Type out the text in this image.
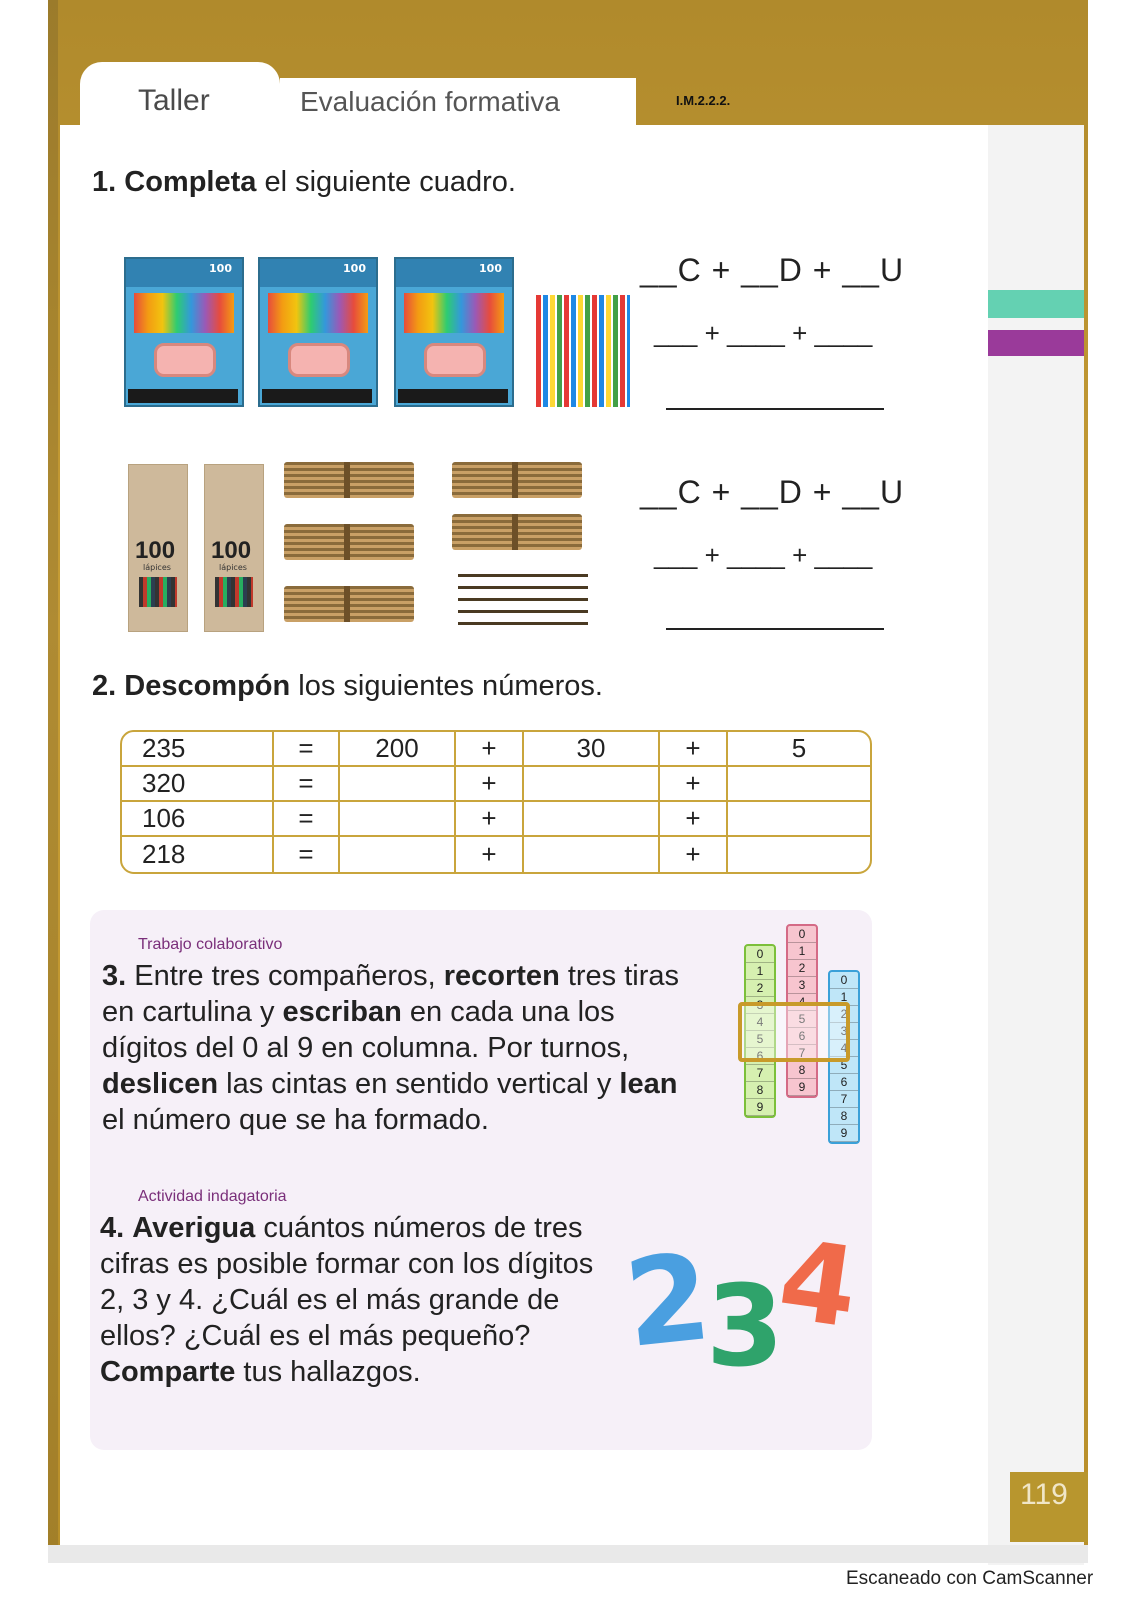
Taller	Evaluación formativa	I.M.2.2.2.
1. Completa el siguiente cuadro.
100	100	100	__C + __D + __U
___ + ____ + ____
100
lápices
100
lápices
__C + __D + __U
___ + ____ + ____
2. Descompón los siguientes números.
235	=	200	+	30	+	5
320	=		+		+	
106	=		+		+	
218	=		+		+	
Trabajo colaborativo
3. Entre tres compañeros, recorten tres tiras en cartulina y escriban en cada una los dígitos del 0 al 9 en columna. Por turnos, deslicen las cintas en sentido vertical y lean el número que se ha formado.
0
1
2
3
4
5
6
7
8
9
0
1
2
3
4
5
6
7
8
9
0
1
2
3
4
5
6
7
8
9
Actividad indagatoria
4. Averigua cuántos números de tres cifras es posible formar con los dígitos 2, 3 y 4. ¿Cuál es el más grande de ellos? ¿Cuál es el más pequeño? Comparte tus hallazgos.	2
3
4
119
Escaneado con CamScanner
